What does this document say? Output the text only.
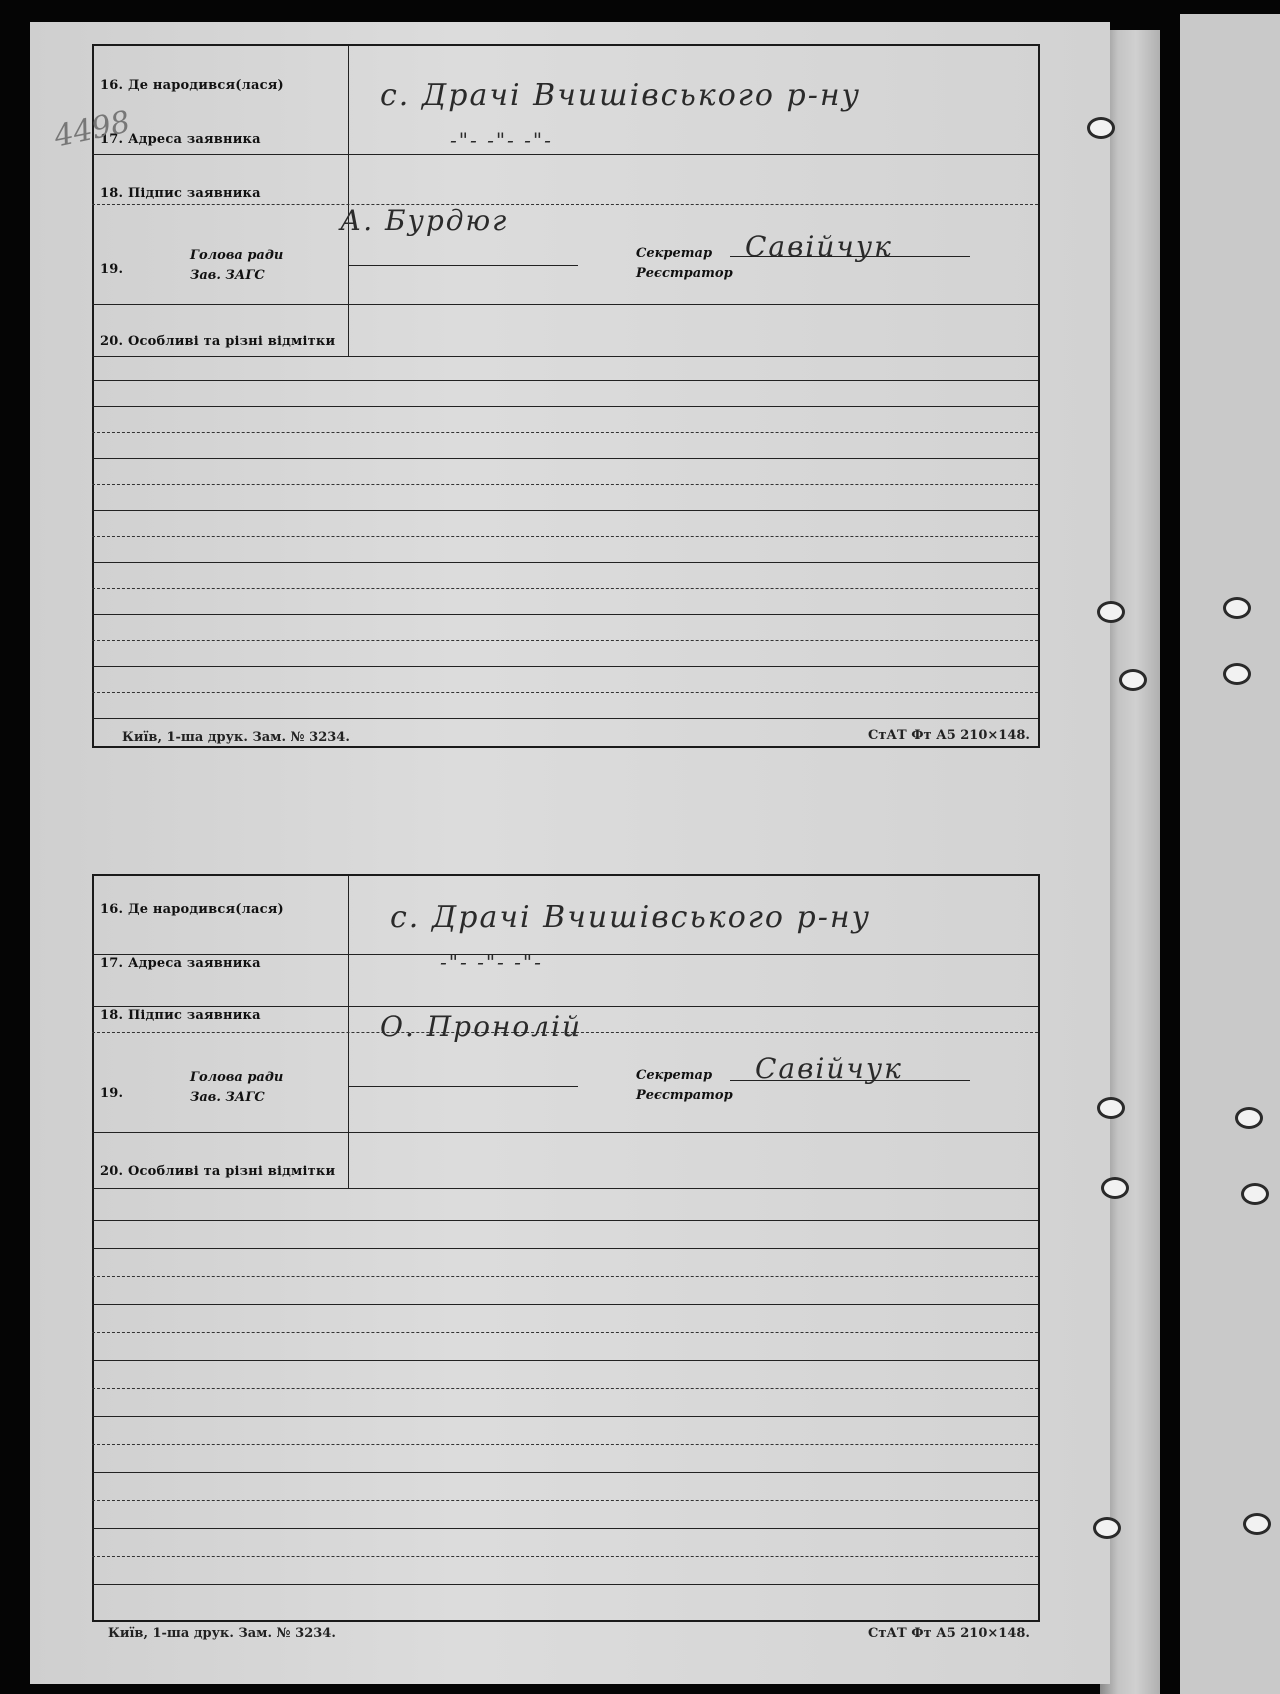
16. Де народився(лася)
17. Адреса заявника
18. Підпис заявника
19.
Голова ради
Зав. ЗАГС
Секретар
Реєстратор
20. Особливі та різні відмітки
с. Драчі Вчишівського р-ну
-"- -"- -"-
А. Бурдюг
Савійчук
Київ, 1-ша друк. Зам. № 3234.	СтАТ Фт А5 210×148.
16. Де народився(лася)
17. Адреса заявника
18. Підпис заявника
19.
Голова ради
Зав. ЗАГС
Секретар
Реєстратор
20. Особливі та різні відмітки
с. Драчі Вчишівського р-ну
-"- -"- -"-
О. Пронолій
Савійчук
Київ, 1-ша друк. Зам. № 3234.	СтАТ Фт А5 210×148.
4498
